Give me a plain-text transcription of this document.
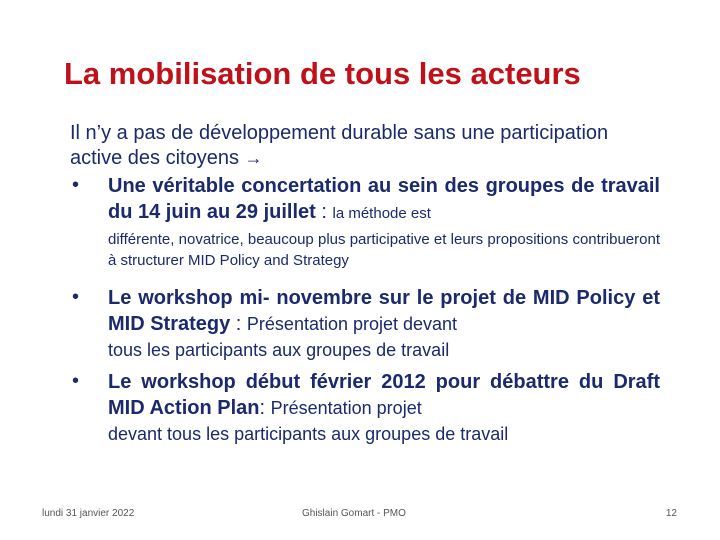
La mobilisation de tous les acteurs
Il n’y a pas de développement durable sans une participation active des citoyens →
• Une véritable concertation au sein des groupes de travail du 14 juin au 29 juillet : la méthode est
différente, novatrice, beaucoup plus participative et leurs propositions contribueront à structurer MID Policy and Strategy
• Le workshop mi- novembre sur le projet de MID Policy et MID Strategy : Présentation projet devant
tous les participants aux groupes de travail
• Le workshop début février 2012 pour débattre du Draft MID Action Plan: Présentation projet
devant tous les participants aux groupes de travail
lundi 31 janvier 2022	Ghislain Gomart - PMO	12
